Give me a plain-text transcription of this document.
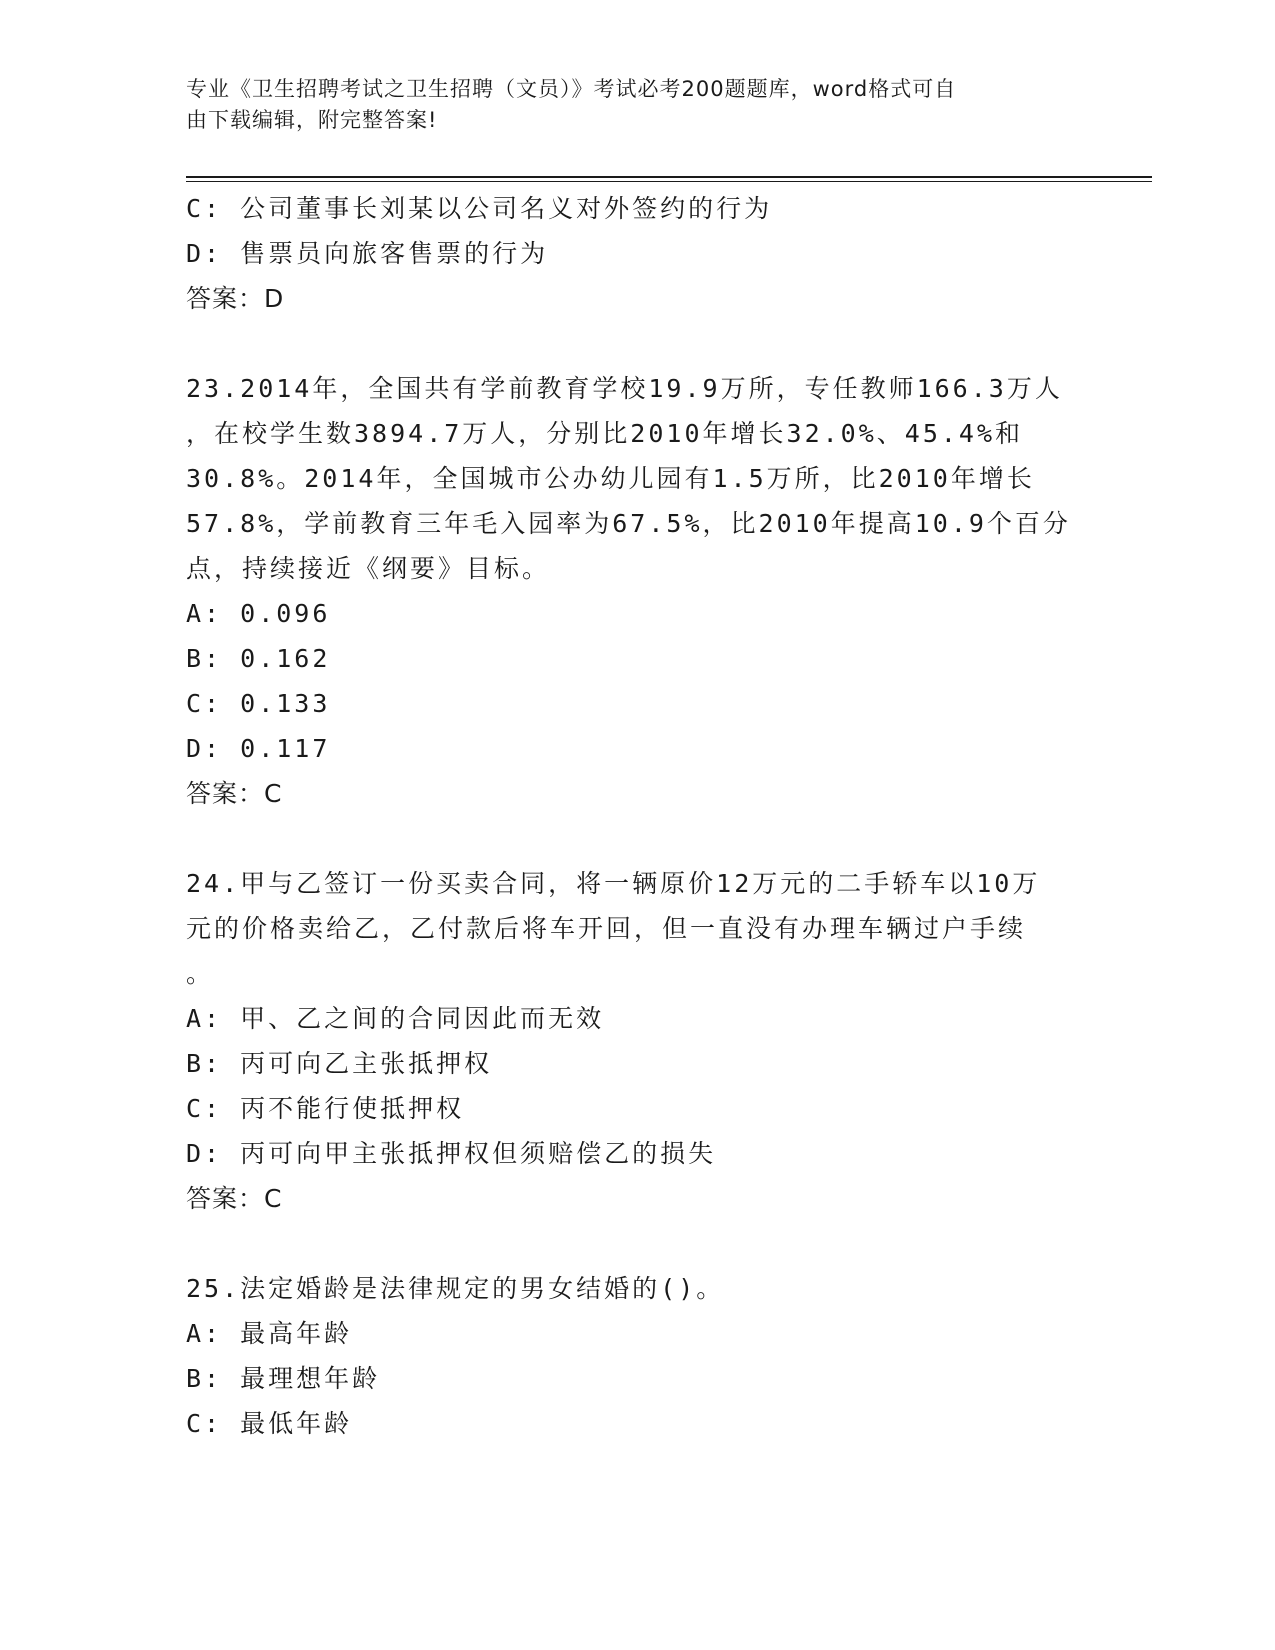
专业《卫生招聘考试之卫生招聘（文员）》考试必考200题题库，word格式可自
由下载编辑，附完整答案!
C: 公司董事长刘某以公司名义对外签约的行为
D: 售票员向旅客售票的行为
答案：D
23.2014年，全国共有学前教育学校19.9万所，专任教师166.3万人
，在校学生数3894.7万人，分别比2010年增长32.0%、45.4%和
30.8%。2014年，全国城市公办幼儿园有1.5万所，比2010年增长
57.8%，学前教育三年毛入园率为67.5%，比2010年提高10.9个百分
点，持续接近《纲要》目标。
A: 0.096
B: 0.162
C: 0.133
D: 0.117
答案：C
24.甲与乙签订一份买卖合同，将一辆原价12万元的二手轿车以10万
元的价格卖给乙，乙付款后将车开回，但一直没有办理车辆过户手续
。
A: 甲、乙之间的合同因此而无效
B: 丙可向乙主张抵押权
C: 丙不能行使抵押权
D: 丙可向甲主张抵押权但须赔偿乙的损失
答案：C
25.法定婚龄是法律规定的男女结婚的()。
A: 最高年龄
B: 最理想年龄
C: 最低年龄
